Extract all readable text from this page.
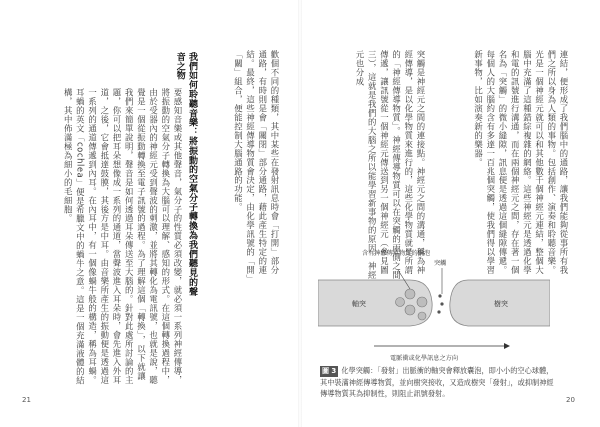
我們如何聆聽音樂：將振動的空氣分子轉換為我們聽見的聲音之物	歡個不同的種類，其中某些在發射訊息時會「打開」部分通路，有時則是會「關閉」部分通路，藉此產生特定的連結。最終，這些神經傳導物質會決定，由化學訊號的「開」「關」組合，便能控制大腦通路的功能。
要感知音樂或其他聲音，氣分子的性質必須改變，就必須一系列神經傳導，將振動的空氣分子轉換為大腦可以理解、感知的形式。在這個轉換過程中，由於受器內的神經元受到聲波的刺激，並將其轉化為電訊號，也就是說，聽覺是一個從振動轉換至電子訊號的過程。為了理解這個「轉換」，以下就讓我們來簡單說明，聲音是如何透過耳朵傳送至大腦的。針對此處所討論的主題，你可以把耳朵想像成一系列的通道，當聲波進入耳朵時，會先進入外耳道，之後，它會抵達鼓膜，其後方是中耳。由音樂所產生的振動便是透過這一系列的通道傳遞到內耳。在內耳中，有一個像蝸牛般的構造，稱為耳蝸。耳蝸的英文「cochlea」便是希臘文中的蝸牛之意。這是一個充滿液體的結構，其中佈滿極為細小的毛細胞。
21
連結，便形成了我們腦中的通路，讓我們能夠從事所有我們之所以身為人類的事物。包括創作、演奏和聆聽音樂。光是一個神經元就可以和其他數千個神經元連結，整個大腦中充滿了這種錯綜複雜的網絡。這些神經元是透過化學和電的訊號進行溝通，而在兩個神經元之間，存在著一個名為「突觸」的微小縫隙，訊息便是透過這個縫隙傳遞。每個人的大腦約含有多達一百兆個突觸，使我們得以學習新事物，比如演奏新的樂器。
突觸是神經元之間的連接點。神經元之間的溝通，稱為神經傳導，是以化學物質來進行的，這些化學物質就是所謂的「神經傳導物質」。神經傳導物質可以在突觸的兩側之間傳遞，讓訊號從一個神經元傳送到另一個神經元（參見圖三），這就是我們的大腦之所以能學習新事物的原因。神經元也分成
軸突	樹突
電脈衝或化學訊息之方向
含有神經傳導物質的囊泡
突觸
圖 3 化學突觸：「發射」出脈衝的軸突會釋放囊泡，即小小的空心球體，其中裝滿神經傳導物質，並向樹突接收，又造成樹突「發射」，或抑制神經傳導物質其為抑制性，則阻止訊號發射。
20
